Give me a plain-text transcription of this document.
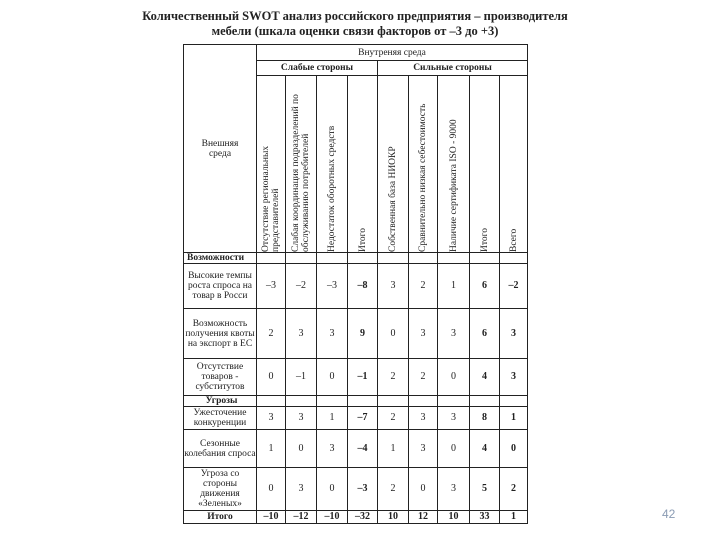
Количественный SWOT анализ российского предприятия – производителя
мебели (шкала оценки связи факторов от –3 до +3)
Внешняя среда	Внутреняя среда								
	Слабые стороны				Сильные стороны				

	Отсутствие региональных представителей	Слабая координация подразделений по обслуживанию потребителей	Недостаток оборотных средств	Итого	Собственная база НИОКР	Сравнительно низкая себестоимость	Наличие сертификата ISO - 9000	Итого	Всего

Возможности									
Высокие темпы роста спроса на товар в Росси	–3	–2	–3	–8	3	2	1	6	–2
Возможность получения квоты на экспорт в ЕС	2	3	3	9	0	3	3	6	3
Отсутствие товаров - субститутов	0	–1	0	–1	2	2	0	4	3
Угрозы									
Ужесточение конкуренции	3	3	1	–7	2	3	3	8	1
Сезонные колебания спроса	1	0	3	–4	1	3	0	4	0
Угроза со стороны движения «Зеленых»	0	3	0	–3	2	0	3	5	2
Итого	–10	–12	–10	–32	10	12	10	33	1	42
